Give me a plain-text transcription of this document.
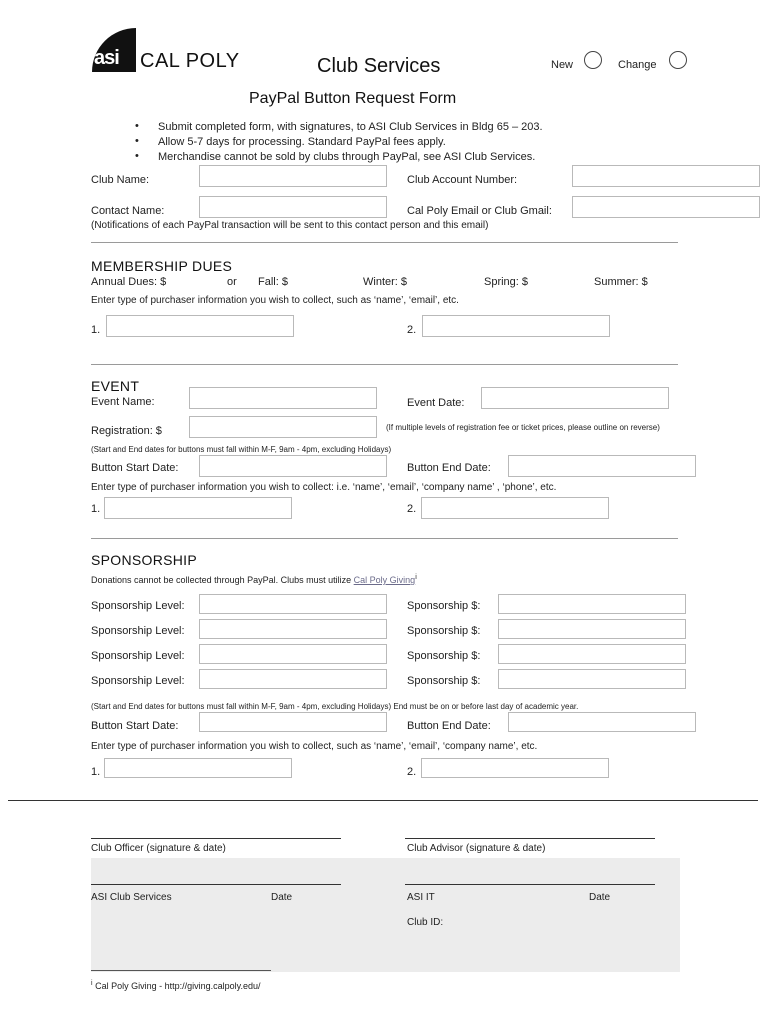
asi CAL POLY	Club Services	New	Change
PayPal Button Request Form
• Submit completed form, with signatures, to ASI Club Services in Bldg 65 – 203.
• Allow 5-7 days for processing. Standard PayPal fees apply.
• Merchandise cannot be sold by clubs through PayPal, see ASI Club Services.
Club Name:	Club Account Number:
Contact Name:	Cal Poly Email or Club Gmail:
(Notifications of each PayPal transaction will be sent to this contact person and this email)
MEMBERSHIP DUES
Annual Dues: $	or Fall: $	Winter: $	Spring: $	Summer: $
Enter type of purchaser information you wish to collect, such as ‘name’, ‘email’, etc.
1.	2.
EVENT
Event Name:	Event Date:
Registration: $	(If multiple levels of registration fee or ticket prices, please outline on reverse)
(Start and End dates for buttons must fall within M-F, 9am - 4pm, excluding Holidays)
Button Start Date:	Button End Date:
Enter type of purchaser information you wish to collect: i.e. ‘name’, ‘email’, ‘company name’ , ‘phone’, etc.
1.	2.
SPONSORSHIP
Donations cannot be collected through PayPal. Clubs must utilize Cal Poly Giving$^i$
Sponsorship Level:	Sponsorship $:
Sponsorship Level:	Sponsorship $:
Sponsorship Level:	Sponsorship $:
Sponsorship Level:	Sponsorship $:
(Start and End dates for buttons must fall within M-F, 9am - 4pm, excluding Holidays) End must be on or before last day of academic year.
Button Start Date:	Button End Date:
Enter type of purchaser information you wish to collect, such as ‘name’, ‘email’, ‘company name’, etc.
1.	2.
Club Officer (signature & date)	Club Advisor (signature & date)
ASI Club Services	Date	ASI IT	Date
Club ID:
$^i$ Cal Poly Giving - http://giving.calpoly.edu/
